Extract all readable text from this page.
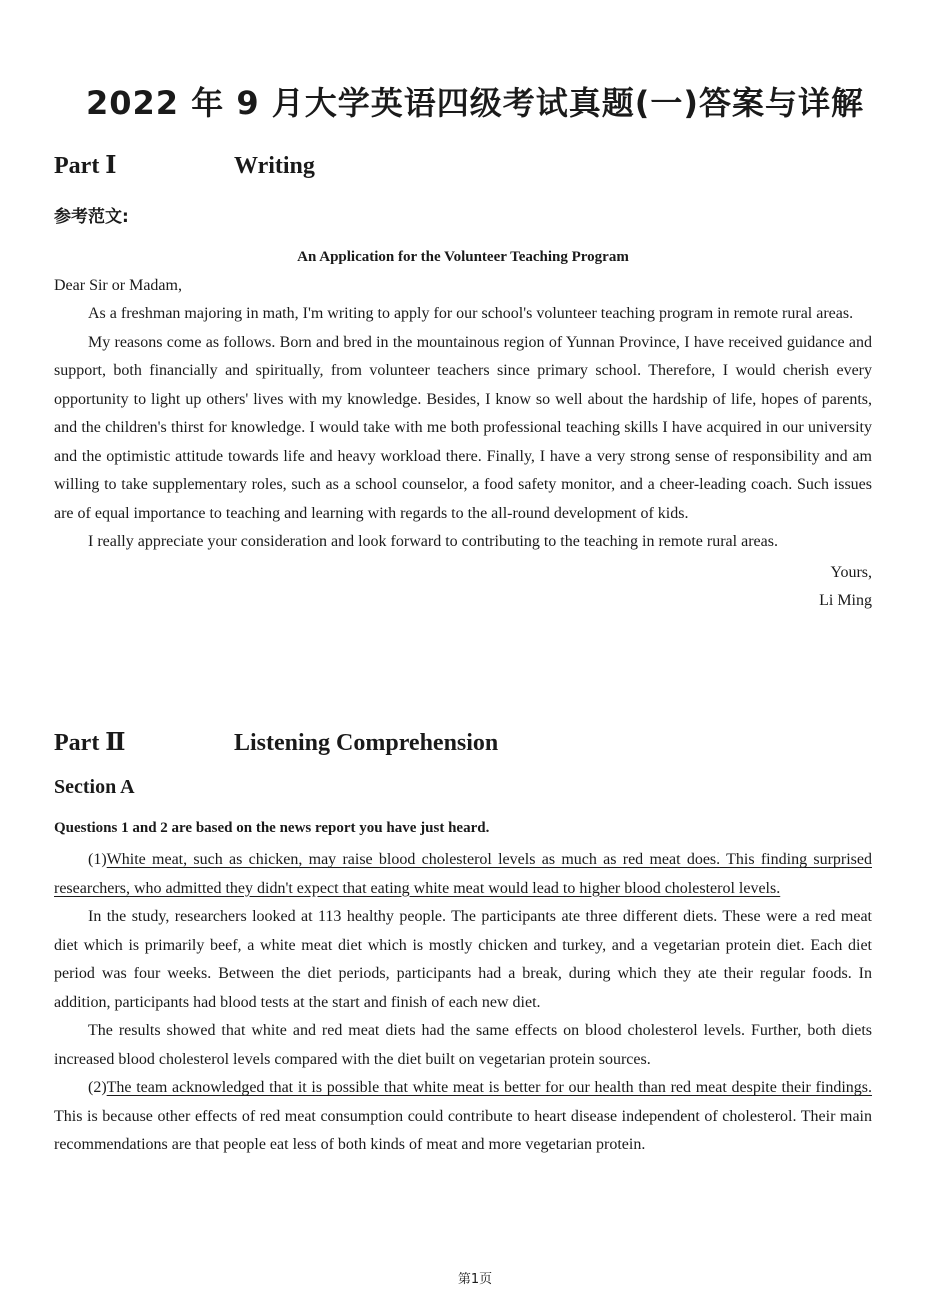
2022 年 9 月大学英语四级考试真题(一)答案与详解
Part Ⅰ	Writing
参考范文:

An Application for the Volunteer Teaching Program

Dear Sir or Madam,

As a freshman majoring in math, I'm writing to apply for our school's volunteer teaching program in remote rural areas.

My reasons come as follows. Born and bred in the mountainous region of Yunnan Province, I have received guidance and support, both financially and spiritually, from volunteer teachers since primary school. Therefore, I would cherish every opportunity to light up others' lives with my knowledge. Besides, I know so well about the hardship of life, hopes of parents, and the children's thirst for knowledge. I would take with me both professional teaching skills I have acquired in our university and the optimistic attitude towards life and heavy workload there. Finally, I have a very strong sense of responsibility and am willing to take supplementary roles, such as a school counselor, a food safety monitor, and a cheer-leading coach. Such issues are of equal importance to teaching and learning with regards to the all-round development of kids.

I really appreciate your consideration and look forward to contributing to the teaching in remote rural areas.

Yours,

Li Ming

Part Ⅱ	Listening Comprehension
Section A
Questions 1 and 2 are based on the news report you have just heard.

(1)White meat, such as chicken, may raise blood cholesterol levels as much as red meat does. This finding surprised researchers, who admitted they didn't expect that eating white meat would lead to higher blood cholesterol levels.

In the study, researchers looked at 113 healthy people. The participants ate three different diets. These were a red meat diet which is primarily beef, a white meat diet which is mostly chicken and turkey, and a vegetarian protein diet. Each diet period was four weeks. Between the diet periods, participants had a break, during which they ate their regular foods. In addition, participants had blood tests at the start and finish of each new diet.

The results showed that white and red meat diets had the same effects on blood cholesterol levels. Further, both diets increased blood cholesterol levels compared with the diet built on vegetarian protein sources.

(2)The team acknowledged that it is possible that white meat is better for our health than red meat despite their findings. This is because other effects of red meat consumption could contribute to heart disease independent of cholesterol. Their main recommendations are that people eat less of both kinds of meat and more vegetarian protein.

第1页
